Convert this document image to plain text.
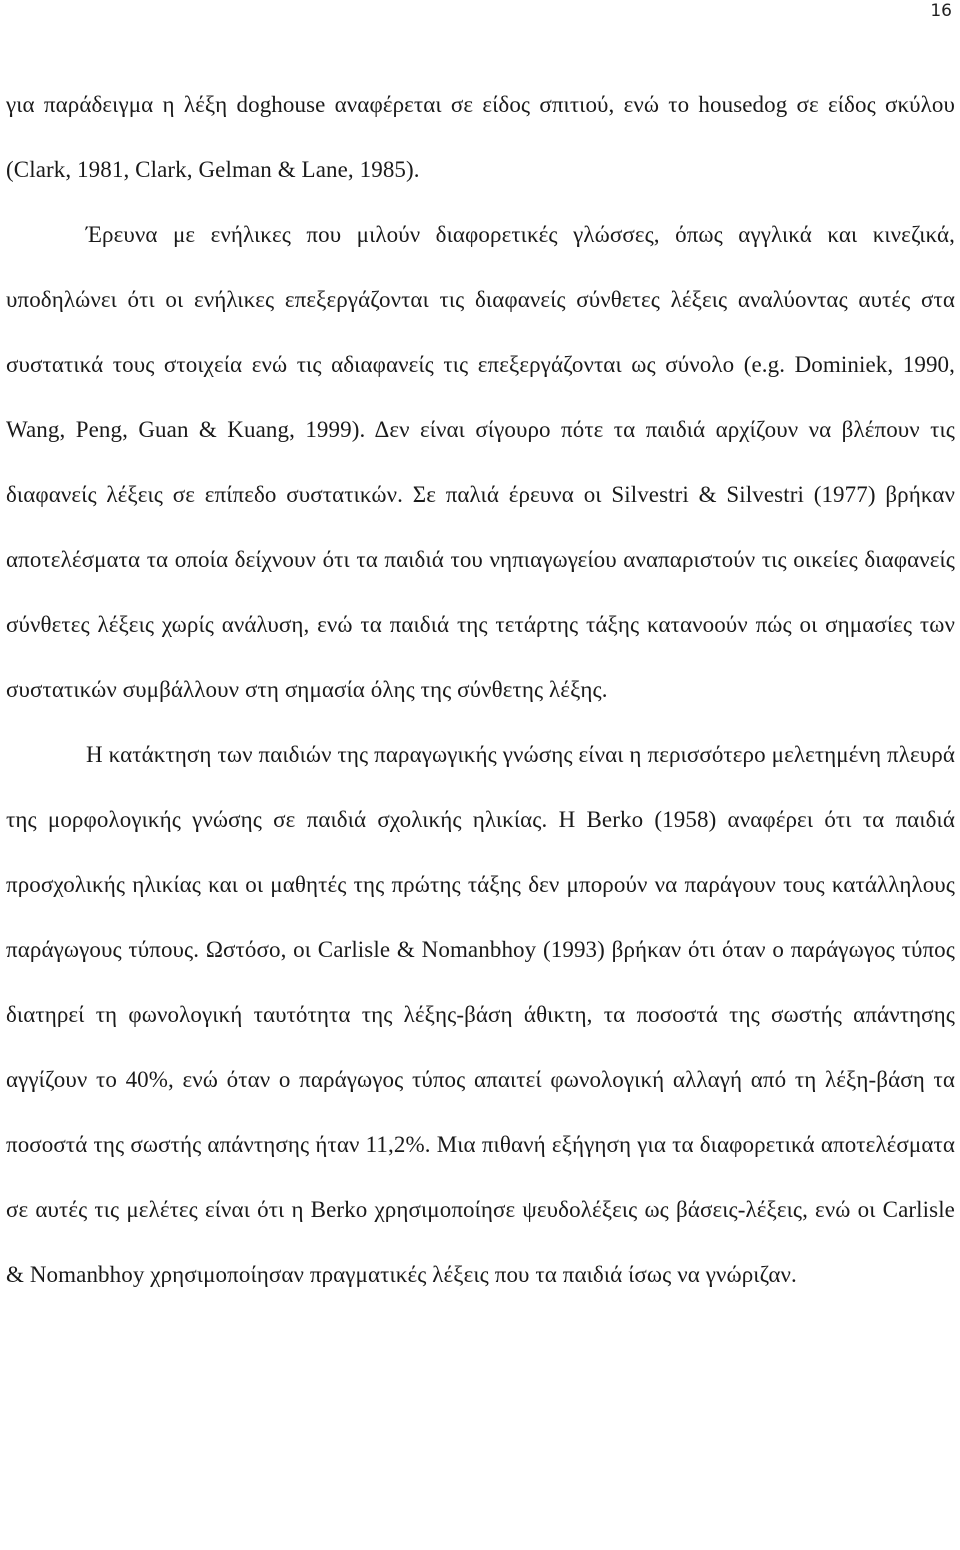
16

για παράδειγμα η λέξη doghouse αναφέρεται σε είδος σπιτιού, ενώ το housedog σε είδος σκύλου (Clark, 1981, Clark, Gelman & Lane, 1985).

Έρευνα με ενήλικες που μιλούν διαφορετικές γλώσσες, όπως αγγλικά και κινεζικά, υποδηλώνει ότι οι ενήλικες επεξεργάζονται τις διαφανείς σύνθετες λέξεις αναλύοντας αυτές στα συστατικά τους στοιχεία ενώ τις αδιαφανείς τις επεξεργάζονται ως σύνολο (e.g. Dominiek, 1990, Wang, Peng, Guan & Kuang, 1999). Δεν είναι σίγουρο πότε τα παιδιά αρχίζουν να βλέπουν τις διαφανείς λέξεις σε επίπεδο συστατικών. Σε παλιά έρευνα οι Silvestri & Silvestri (1977) βρήκαν αποτελέσματα τα οποία δείχνουν ότι τα παιδιά του νηπιαγωγείου αναπαριστούν τις οικείες διαφανείς σύνθετες λέξεις χωρίς ανάλυση, ενώ τα παιδιά της τετάρτης τάξης κατανοούν πώς οι σημασίες των συστατικών συμβάλλουν στη σημασία όλης της σύνθετης λέξης.

Η κατάκτηση των παιδιών της παραγωγικής γνώσης είναι η περισσότερο μελετημένη πλευρά της μορφολογικής γνώσης σε παιδιά σχολικής ηλικίας. Η Berko (1958) αναφέρει ότι τα παιδιά προσχολικής ηλικίας και οι μαθητές της πρώτης τάξης δεν μπορούν να παράγουν τους κατάλληλους παράγωγους τύπους. Ωστόσο, οι Carlisle & Nomanbhoy (1993) βρήκαν ότι όταν ο παράγωγος τύπος διατηρεί τη φωνολογική ταυτότητα της λέξης-βάση άθικτη, τα ποσοστά της σωστής απάντησης αγγίζουν το 40%, ενώ όταν ο παράγωγος τύπος απαιτεί φωνολογική αλλαγή από τη λέξη-βάση τα ποσοστά της σωστής απάντησης ήταν 11,2%. Μια πιθανή εξήγηση για τα διαφορετικά αποτελέσματα σε αυτές τις μελέτες είναι ότι η Berko χρησιμοποίησε ψευδολέξεις ως βάσεις-λέξεις, ενώ οι Carlisle & Nomanbhoy χρησιμοποίησαν πραγματικές λέξεις που τα παιδιά ίσως να γνώριζαν.
